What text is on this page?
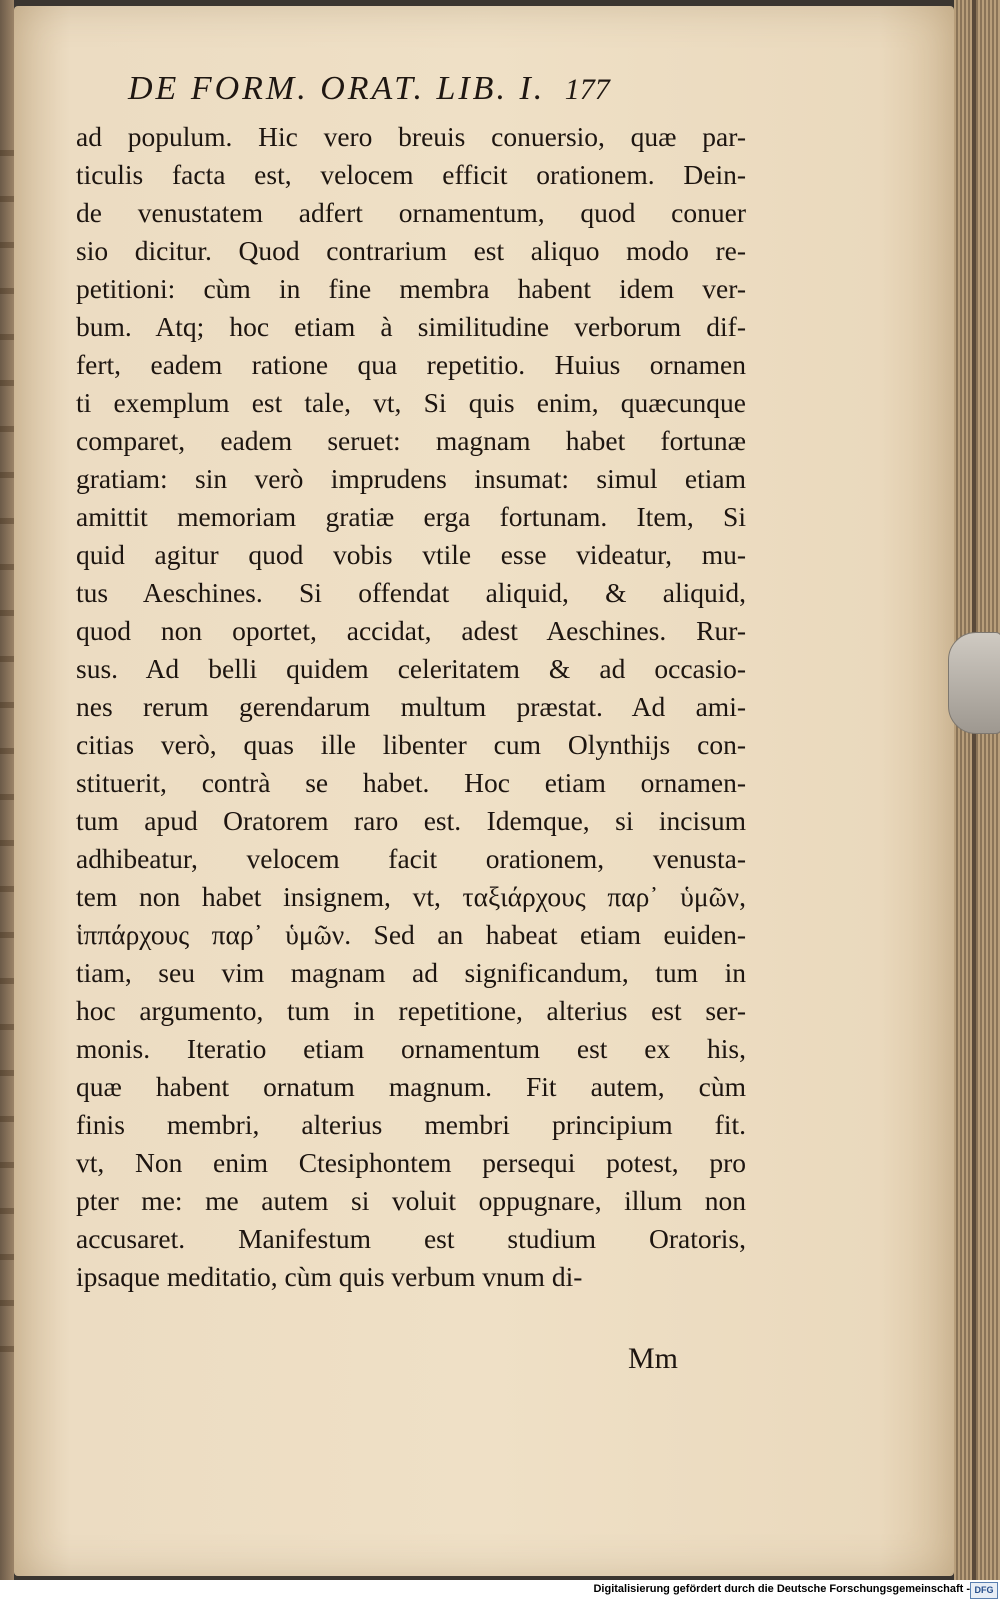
DE FORM. ORAT. LIB. I. 177
ad populum. Hic vero breuis conuersio, quæ par-
ticulis facta est, velocem efficit orationem. Dein-
de venustatem adfert ornamentum, quod conuer
sio dicitur. Quod contrarium est aliquo modo re-
petitioni: cùm in fine membra habent idem ver-
bum. Atq; hoc etiam à similitudine verborum dif-
fert, eadem ratione qua repetitio. Huius ornamen
ti exemplum est tale, vt, Si quis enim, quæcunque
comparet, eadem seruet: magnam habet fortunæ
gratiam: sin verò imprudens insumat: simul etiam
amittit memoriam gratiæ erga fortunam. Item, Si
quid agitur quod vobis vtile esse videatur, mu-
tus Aeschines. Si offendat aliquid, & aliquid,
quod non oportet, accidat, adest Aeschines. Rur-
sus. Ad belli quidem celeritatem & ad occasio-
nes rerum gerendarum multum præstat. Ad ami-
citias verò, quas ille libenter cum Olynthijs con-
stituerit, contrà se habet. Hoc etiam ornamen-
tum apud Oratorem raro est. Idemque, si incisum
adhibeatur, velocem facit orationem, venusta-
tem non habet insignem, vt, ταξιάρχους παρ᾽ ὑμῶν,
ἱππάρχους παρ᾽ ὑμῶν. Sed an habeat etiam euiden-
tiam, seu vim magnam ad significandum, tum in
hoc argumento, tum in repetitione, alterius est ser-
monis. Iteratio etiam ornamentum est ex his,
quæ habent ornatum magnum. Fit autem, cùm
finis membri, alterius membri principium fit.
vt, Non enim Ctesiphontem persequi potest, pro
pter me: me autem si voluit oppugnare, illum non
accusaret. Manifestum est studium Oratoris,
ipsaque meditatio, cùm quis verbum vnum di-
Mm
Digitalisierung gefördert durch die Deutsche Forschungsgemeinschaft - DFG
